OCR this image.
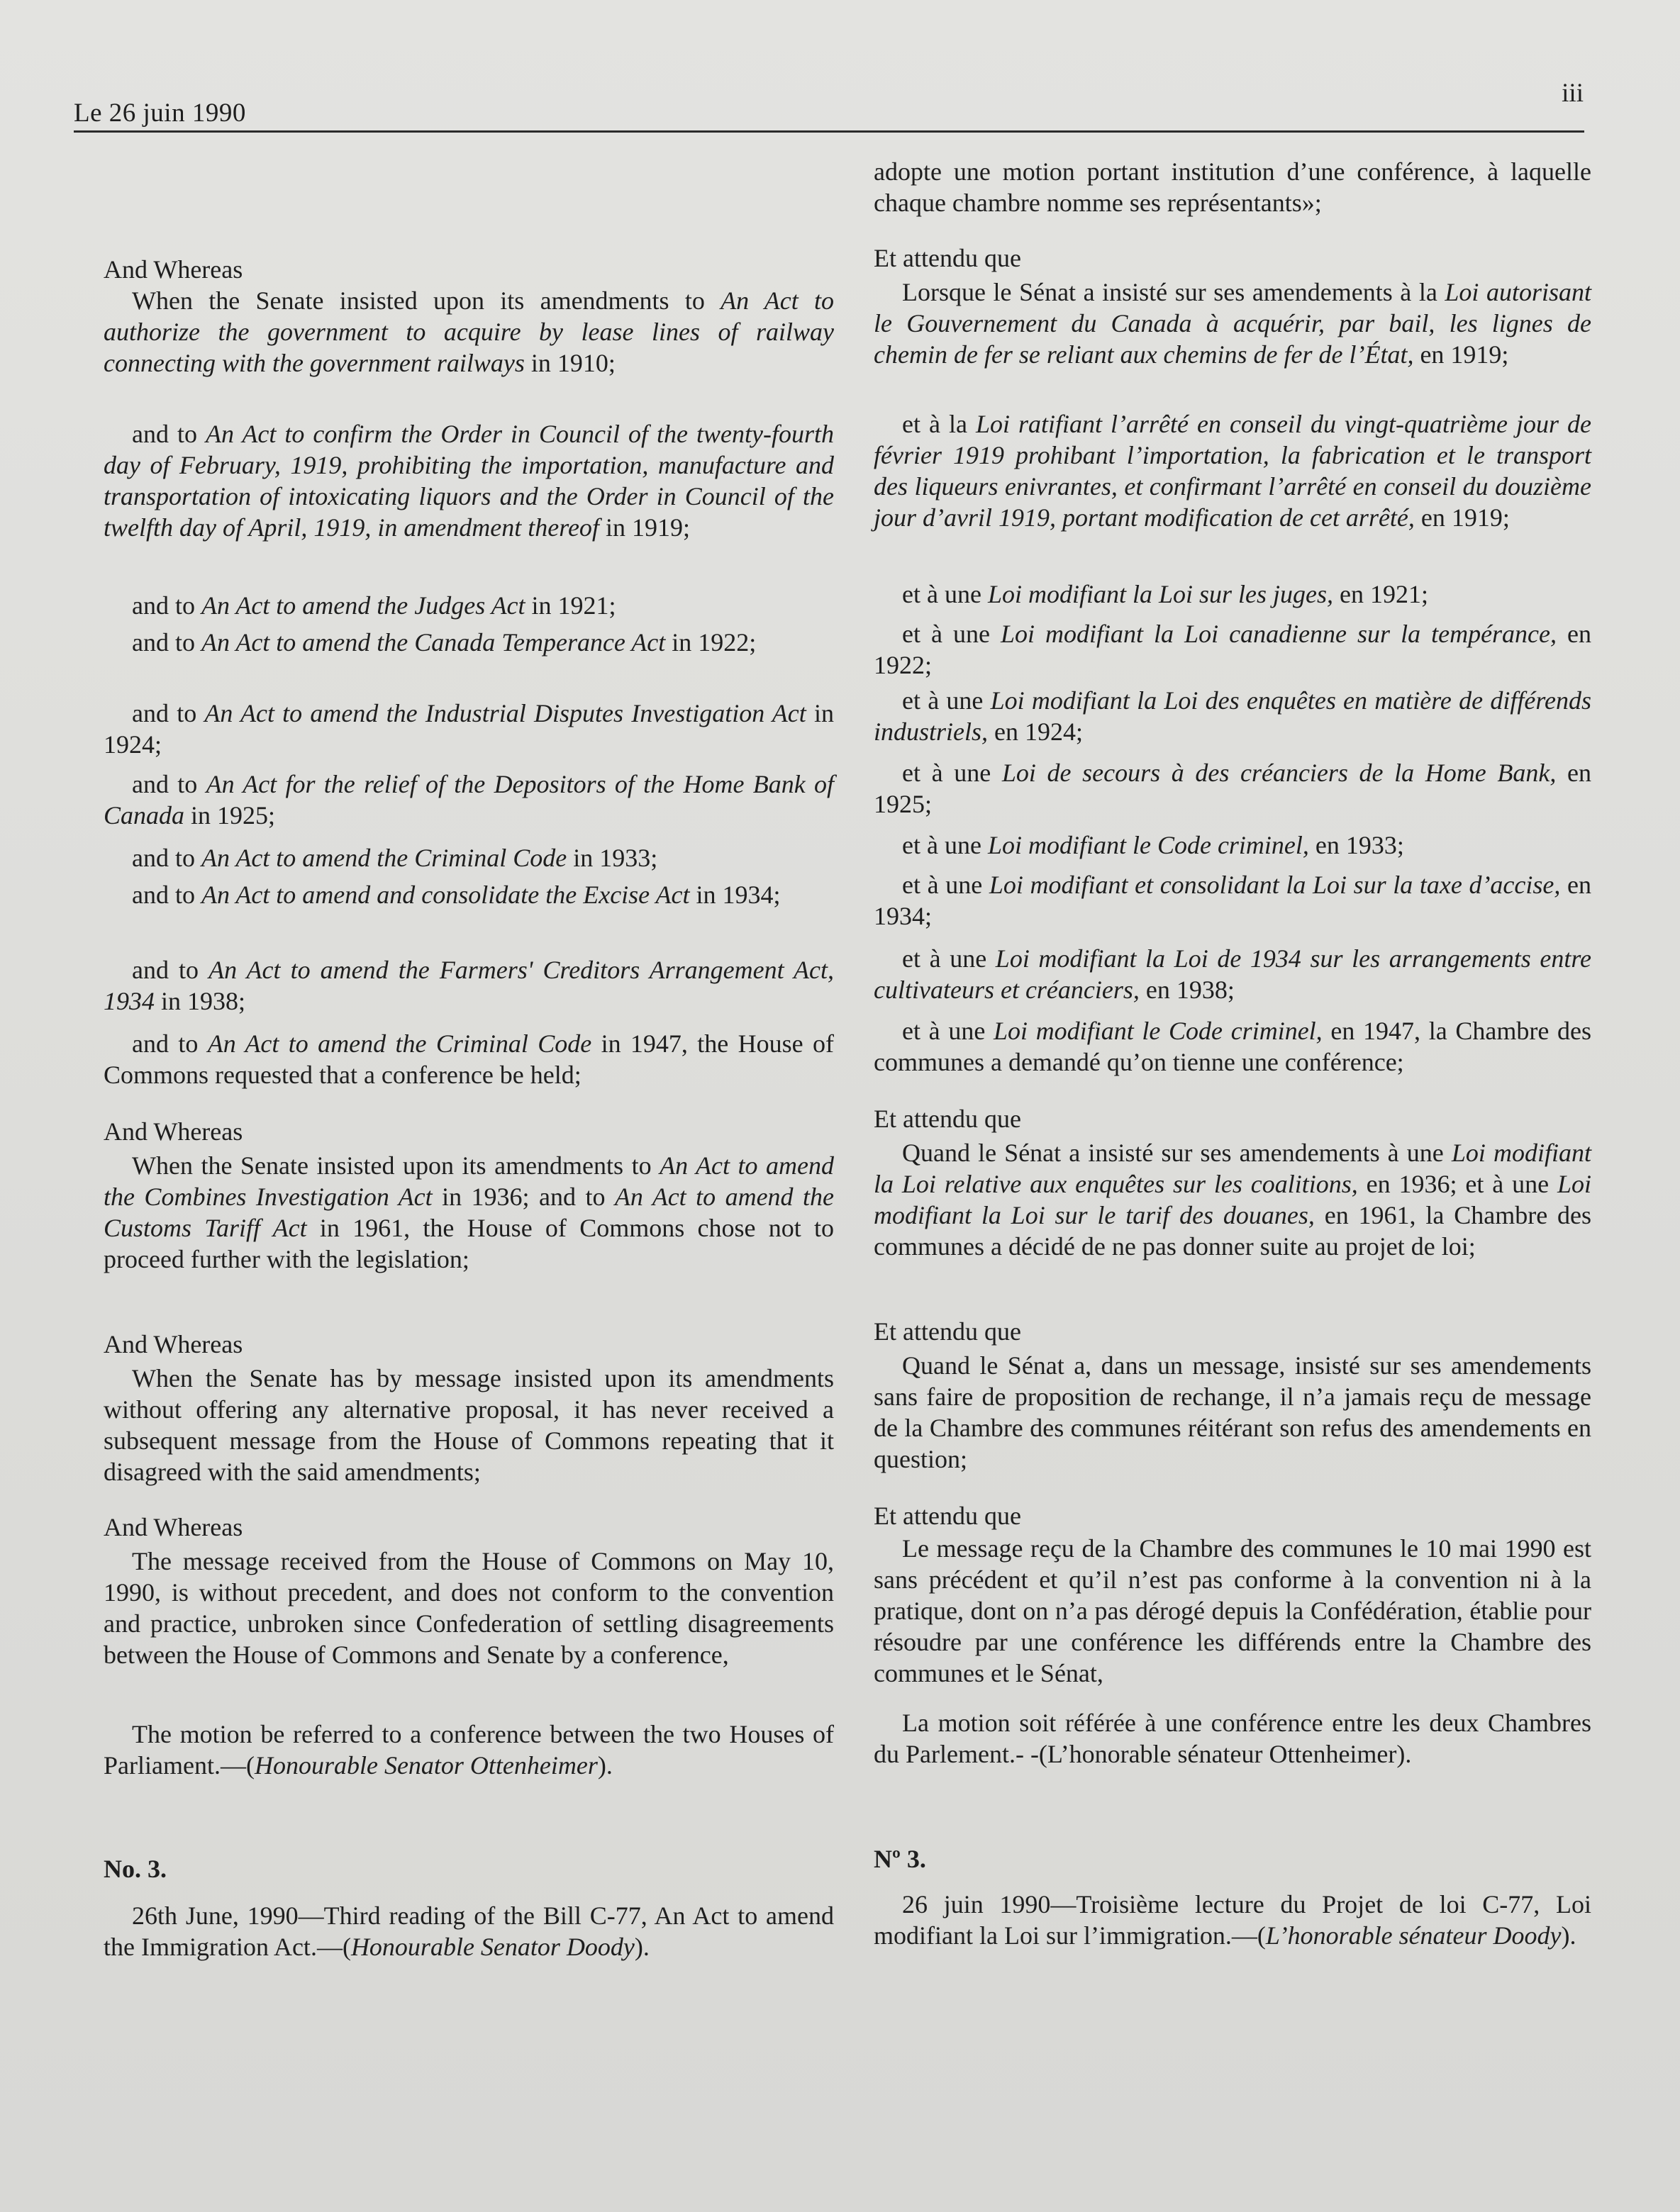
Le 26 juin 1990
iii

And Whereas

When the Senate insisted upon its amendments to An Act to authorize the government to acquire by lease lines of railway connecting with the government railways in 1910;

and to An Act to confirm the Order in Council of the twenty-fourth day of February, 1919, prohibiting the importation, manufacture and transportation of intoxicating liquors and the Order in Council of the twelfth day of April, 1919, in amendment thereof in 1919;

and to An Act to amend the Judges Act in 1921;

and to An Act to amend the Canada Temperance Act in 1922;

and to An Act to amend the Industrial Disputes Investigation Act in 1924;

and to An Act for the relief of the Depositors of the Home Bank of Canada in 1925;

and to An Act to amend the Criminal Code in 1933;

and to An Act to amend and consolidate the Excise Act in 1934;

and to An Act to amend the Farmers' Creditors Arrangement Act, 1934 in 1938;

and to An Act to amend the Criminal Code in 1947, the House of Commons requested that a conference be held;

And Whereas

When the Senate insisted upon its amendments to An Act to amend the Combines Investigation Act in 1936; and to An Act to amend the Customs Tariff Act in 1961, the House of Commons chose not to proceed further with the legislation;

And Whereas

When the Senate has by message insisted upon its amendments without offering any alternative proposal, it has never received a subsequent message from the House of Commons repeating that it disagreed with the said amendments;

And Whereas

The message received from the House of Commons on May 10, 1990, is without precedent, and does not conform to the convention and practice, unbroken since Confederation of settling disagreements between the House of Commons and Senate by a conference,

The motion be referred to a conference between the two Houses of Parliament.—(Honourable Senator Ottenheimer).

No. 3.

26th June, 1990—Third reading of the Bill C-77, An Act to amend the Immigration Act.—(Honourable Senator Doody).

adopte une motion portant institution d’une conférence, à laquelle chaque chambre nomme ses représentants»;

Et attendu que

Lorsque le Sénat a insisté sur ses amendements à la Loi autorisant le Gouvernement du Canada à acquérir, par bail, les lignes de chemin de fer se reliant aux chemins de fer de l’État, en 1919;

et à la Loi ratifiant l’arrêté en conseil du vingt-quatrième jour de février 1919 prohibant l’importation, la fabrication et le transport des liqueurs enivrantes, et confirmant l’arrêté en conseil du douzième jour d’avril 1919, portant modification de cet arrêté, en 1919;

et à une Loi modifiant la Loi sur les juges, en 1921;

et à une Loi modifiant la Loi canadienne sur la tempérance, en 1922;

et à une Loi modifiant la Loi des enquêtes en matière de différends industriels, en 1924;

et à une Loi de secours à des créanciers de la Home Bank, en 1925;

et à une Loi modifiant le Code criminel, en 1933;

et à une Loi modifiant et consolidant la Loi sur la taxe d’accise, en 1934;

et à une Loi modifiant la Loi de 1934 sur les arrangements entre cultivateurs et créanciers, en 1938;

et à une Loi modifiant le Code criminel, en 1947, la Chambre des communes a demandé qu’on tienne une conférence;

Et attendu que

Quand le Sénat a insisté sur ses amendements à une Loi modifiant la Loi relative aux enquêtes sur les coalitions, en 1936; et à une Loi modifiant la Loi sur le tarif des douanes, en 1961, la Chambre des communes a décidé de ne pas donner suite au projet de loi;

Et attendu que

Quand le Sénat a, dans un message, insisté sur ses amendements sans faire de proposition de rechange, il n’a jamais reçu de message de la Chambre des communes réitérant son refus des amendements en question;

Et attendu que

Le message reçu de la Chambre des communes le 10 mai 1990 est sans précédent et qu’il n’est pas conforme à la convention ni à la pratique, dont on n’a pas dérogé depuis la Confédération, établie pour résoudre par une conférence les différends entre la Chambre des communes et le Sénat,

La motion soit référée à une conférence entre les deux Chambres du Parlement.- -(L’honorable sénateur Ottenheimer).

Nº 3.

26 juin 1990—Troisième lecture du Projet de loi C-77, Loi modifiant la Loi sur l’immigration.—(L’honorable sénateur Doody).
